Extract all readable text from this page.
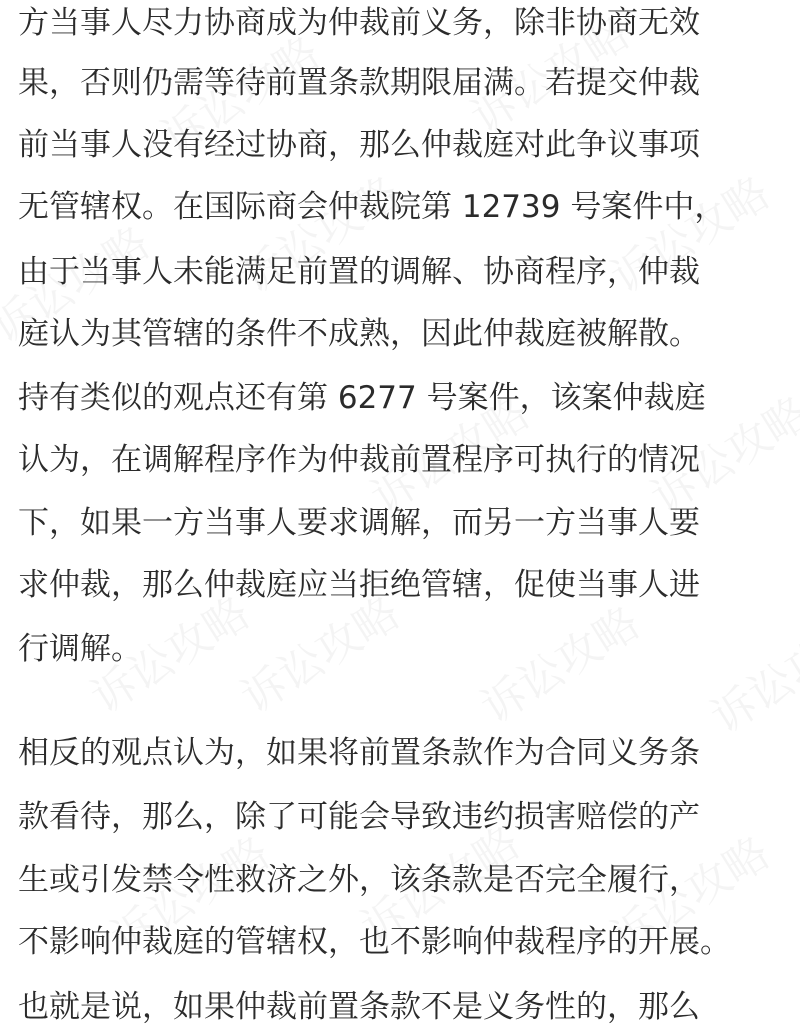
方当事人尽力协商成为仲裁前义务，除非协商无效
果，否则仍需等待前置条款期限届满。若提交仲裁
前当事人没有经过协商，那么仲裁庭对此争议事项
无管辖权。在国际商会仲裁院第 12739 号案件中，
由于当事人未能满足前置的调解、协商程序，仲裁
庭认为其管辖的条件不成熟，因此仲裁庭被解散。
持有类似的观点还有第 6277 号案件，该案仲裁庭
认为，在调解程序作为仲裁前置程序可执行的情况
下，如果一方当事人要求调解，而另一方当事人要
求仲裁，那么仲裁庭应当拒绝管辖，促使当事人进
行调解。
相反的观点认为，如果将前置条款作为合同义务条
款看待，那么，除了可能会导致违约损害赔偿的产
生或引发禁令性救济之外，该条款是否完全履行，
不影响仲裁庭的管辖权，也不影响仲裁程序的开展。
也就是说，如果仲裁前置条款不是义务性的，那么
